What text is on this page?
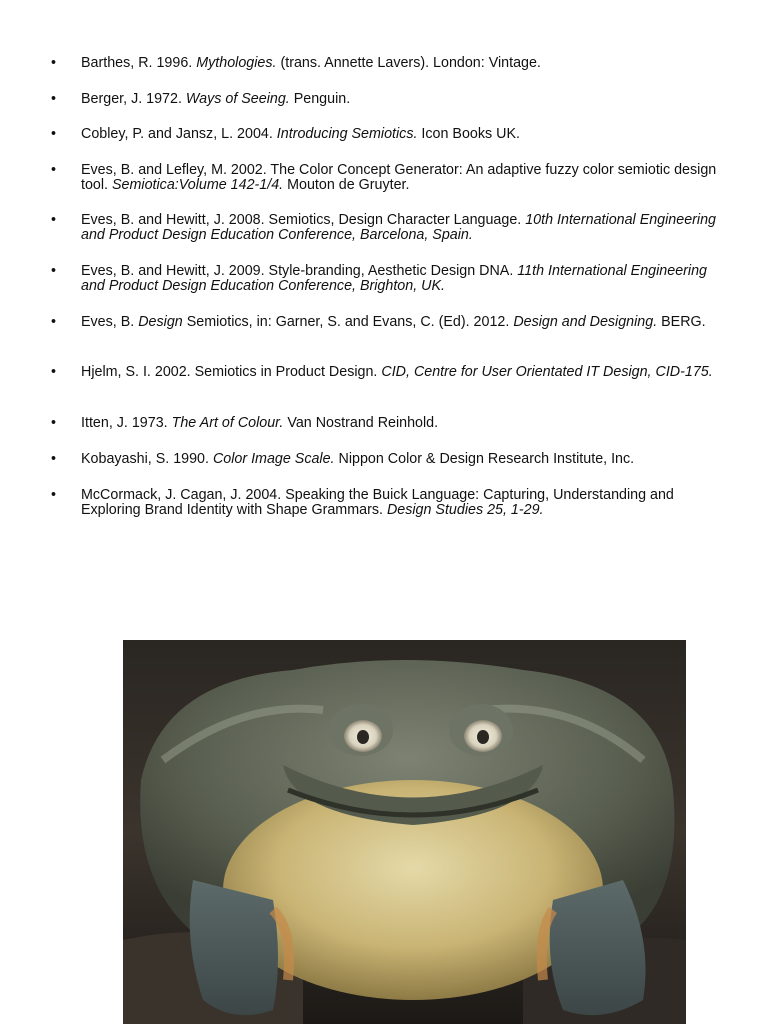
• Barthes, R. 1996. Mythologies. (trans. Annette Lavers). London: Vintage.
• Berger, J. 1972. Ways of Seeing. Penguin.
• Cobley, P. and Jansz, L. 2004. Introducing Semiotics. Icon Books UK.
• Eves, B. and Lefley, M. 2002. The Color Concept Generator: An adaptive fuzzy color semiotic design tool. Semiotica:Volume 142-1/4. Mouton de Gruyter.
• Eves, B. and Hewitt, J. 2008. Semiotics, Design Character Language. 10th International Engineering and Product Design Education Conference, Barcelona, Spain.
• Eves, B. and Hewitt, J. 2009. Style-branding, Aesthetic Design DNA. 11th International Engineering and Product Design Education Conference, Brighton, UK.
• Eves, B. Design Semiotics, in: Garner, S. and Evans, C. (Ed). 2012. Design and Designing. BERG.
• Hjelm, S. I. 2002. Semiotics in Product Design. CID, Centre for User Orientated IT Design, CID-175.
• Itten, J. 1973. The Art of Colour. Van Nostrand Reinhold.
• Kobayashi, S. 1990. Color Image Scale. Nippon Color & Design Research Institute, Inc.
• McCormack, J. Cagan, J. 2004. Speaking the Buick Language: Capturing, Understanding and Exploring Brand Identity with Shape Grammars. Design Studies 25, 1-29.
